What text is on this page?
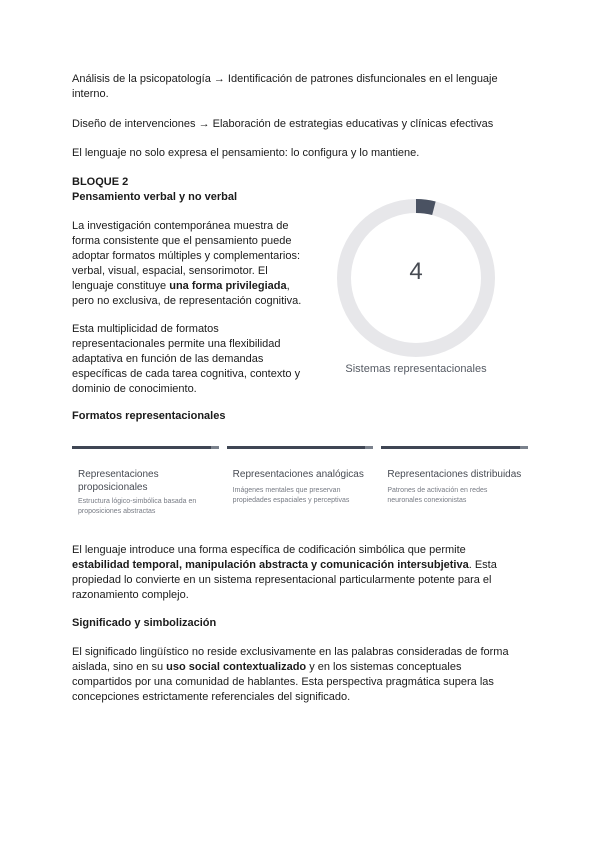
Análisis de la psicopatología → Identificación de patrones disfuncionales en el lenguaje
interno.
Diseño de intervenciones → Elaboración de estrategias educativas y clínicas efectivas
El lenguaje no solo expresa el pensamiento: lo configura y lo mantiene.
BLOQUE 2
Pensamiento verbal y no verbal
La investigación contemporánea muestra de
forma consistente que el pensamiento puede
adoptar formatos múltiples y complementarios:
verbal, visual, espacial, sensorimotor. El
lenguaje constituye una forma privilegiada,
pero no exclusiva, de representación cognitiva.
Esta multiplicidad de formatos
representacionales permite una flexibilidad
adaptativa en función de las demandas
específicas de cada tarea cognitiva, contexto y
dominio de conocimiento.
4
Sistemas representacionales
Formatos representacionales
Representaciones proposicionales
Estructura lógico-simbólica basada en proposiciones abstractas
Representaciones analógicas
Imágenes mentales que preservan propiedades espaciales y perceptivas
Representaciones distribuidas
Patrones de activación en redes neuronales conexionistas
El lenguaje introduce una forma específica de codificación simbólica que permite
estabilidad temporal, manipulación abstracta y comunicación intersubjetiva. Esta
propiedad lo convierte en un sistema representacional particularmente potente para el
razonamiento complejo.
Significado y simbolización
El significado lingüístico no reside exclusivamente en las palabras consideradas de forma
aislada, sino en su uso social contextualizado y en los sistemas conceptuales
compartidos por una comunidad de hablantes. Esta perspectiva pragmática supera las
concepciones estrictamente referenciales del significado.
